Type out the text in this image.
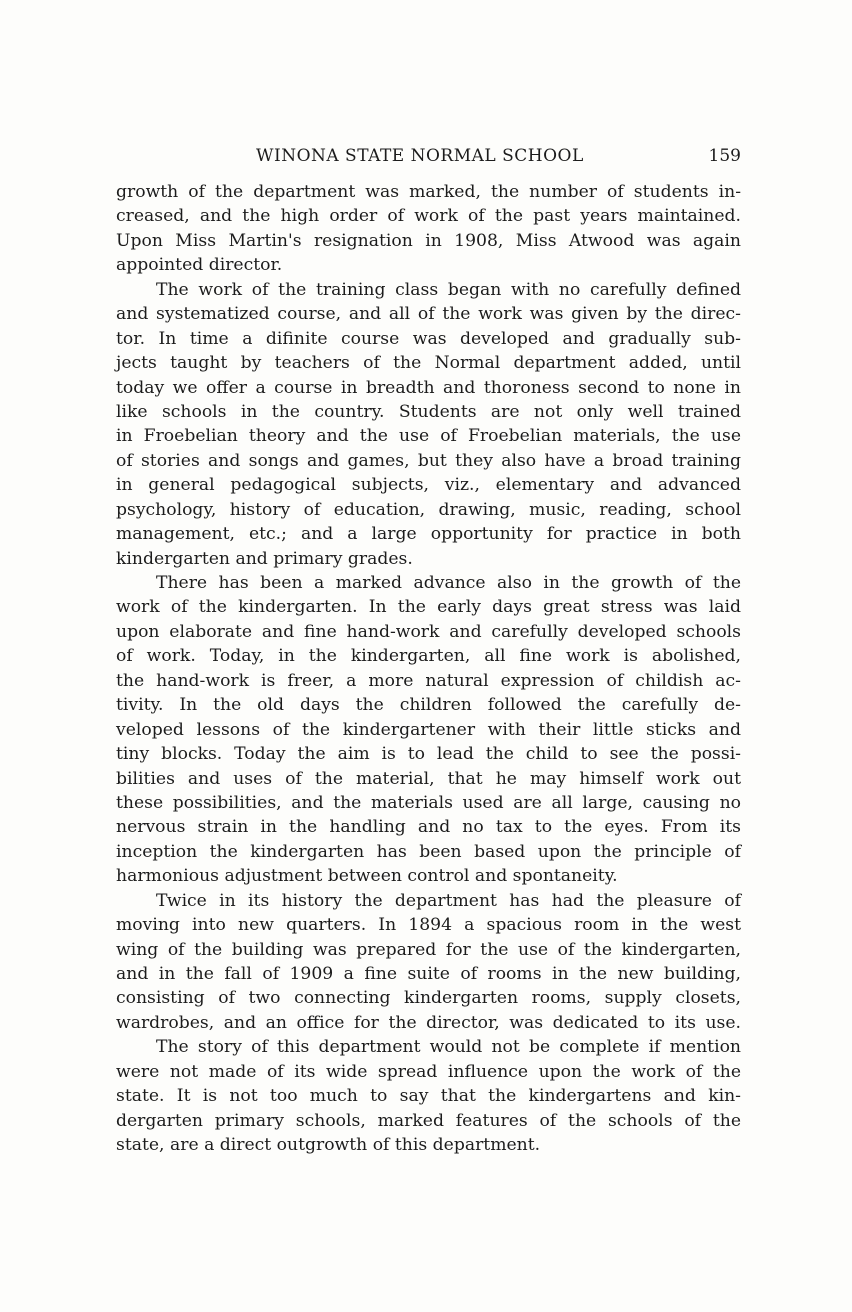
WINONA STATE NORMAL SCHOOL	159
growth of the department was marked, the number of students in-
creased, and the high order of work of the past years maintained.
Upon Miss Martin's resignation in 1908, Miss Atwood was again
appointed director.
The work of the training class began with no carefully defined
and systematized course, and all of the work was given by the direc-
tor. In time a difinite course was developed and gradually sub-
jects taught by teachers of the Normal department added, until
today we offer a course in breadth and thoroness second to none in
like schools in the country. Students are not only well trained
in Froebelian theory and the use of Froebelian materials, the use
of stories and songs and games, but they also have a broad training
in general pedagogical subjects, viz., elementary and advanced
psychology, history of education, drawing, music, reading, school
management, etc.; and a large opportunity for practice in both
kindergarten and primary grades.
There has been a marked advance also in the growth of the
work of the kindergarten. In the early days great stress was laid
upon elaborate and fine hand-work and carefully developed schools
of work. Today, in the kindergarten, all fine work is abolished,
the hand-work is freer, a more natural expression of childish ac-
tivity. In the old days the children followed the carefully de-
veloped lessons of the kindergartener with their little sticks and
tiny blocks. Today the aim is to lead the child to see the possi-
bilities and uses of the material, that he may himself work out
these possibilities, and the materials used are all large, causing no
nervous strain in the handling and no tax to the eyes. From its
inception the kindergarten has been based upon the principle of
harmonious adjustment between control and spontaneity.
Twice in its history the department has had the pleasure of
moving into new quarters. In 1894 a spacious room in the west
wing of the building was prepared for the use of the kindergarten,
and in the fall of 1909 a fine suite of rooms in the new building,
consisting of two connecting kindergarten rooms, supply closets,
wardrobes, and an office for the director, was dedicated to its use.
The story of this department would not be complete if mention
were not made of its wide spread influence upon the work of the
state. It is not too much to say that the kindergartens and kin-
dergarten primary schools, marked features of the schools of the
state, are a direct outgrowth of this department.
